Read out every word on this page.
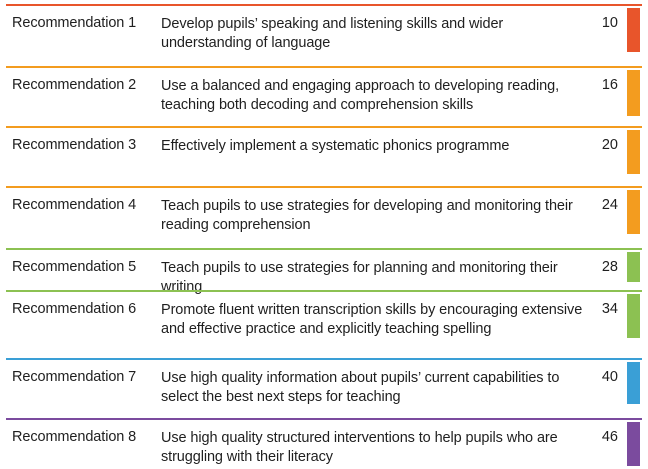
Recommendation 1 Develop pupils’ speaking and listening skills and wider understanding of language
10
Recommendation 2 Use a balanced and engaging approach to developing reading, teaching both decoding and comprehension skills
16
Recommendation 3 Effectively implement a systematic phonics programme	20
Recommendation 4 Teach pupils to use strategies for developing and monitoring their reading comprehension
24
Recommendation 5 Teach pupils to use strategies for planning and monitoring their writing
28
Recommendation 6 Promote fluent written transcription skills by encouraging extensive and effective practice and explicitly teaching spelling
34
Recommendation 7 Use high quality information about pupils’ current capabilities to select the best next steps for teaching
40
Recommendation 8 Use high quality structured interventions to help pupils who are struggling with their literacy
46
